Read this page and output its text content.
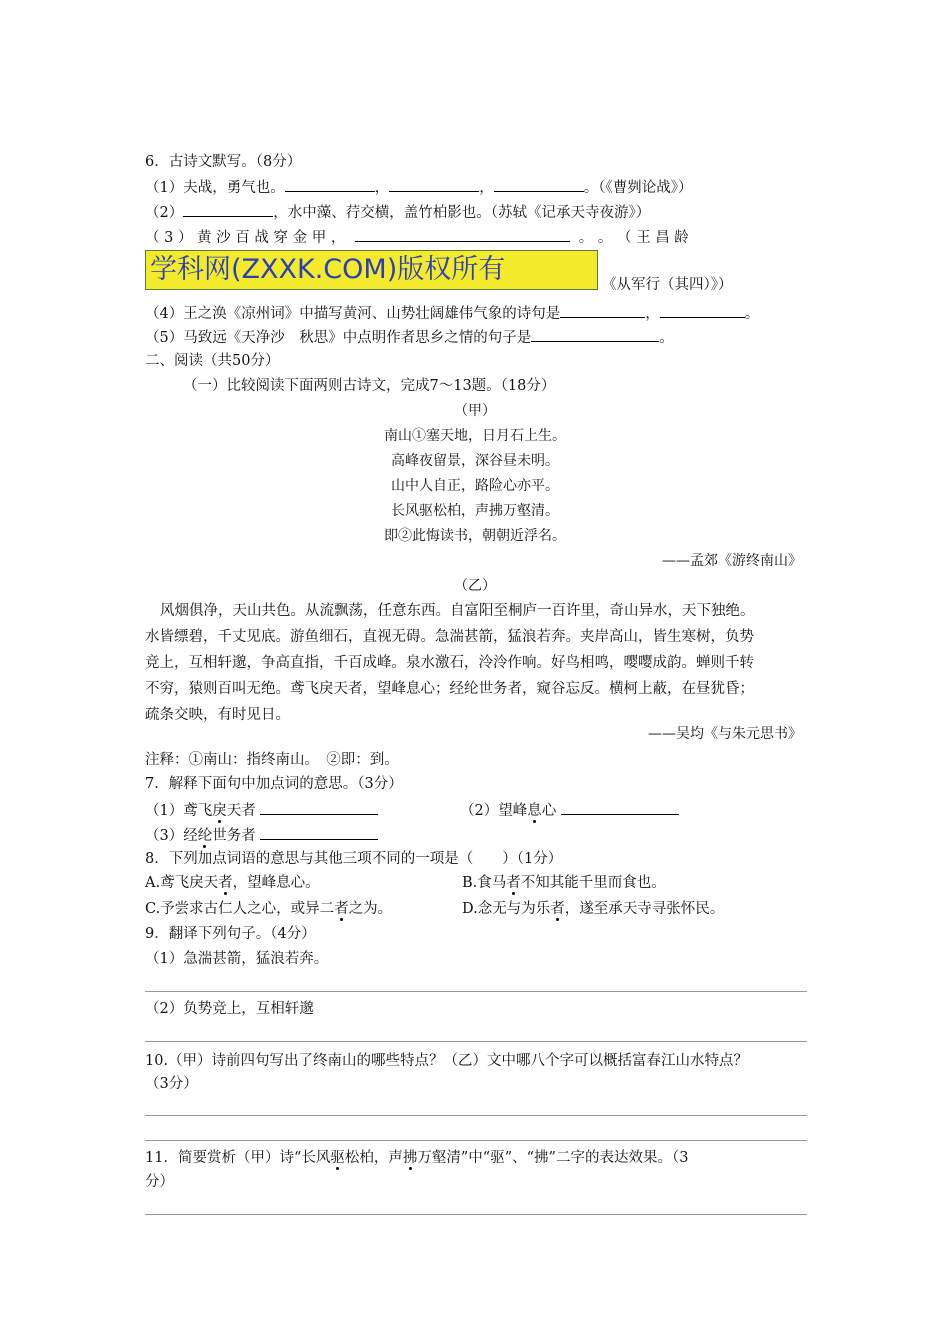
6．古诗文默写。（8分）
（1）夫战，勇气也。	，	，	。（《曹刿论战》）
（2）	，水中藻、荇交横，盖竹柏影也。（苏轼《记承天寺夜游》）
（ 3 ） 黄 沙 百 战 穿 金 甲 ，	。 。 （ 王 昌 龄
学科网(ZXXK.COM)版权所有	《从军行（其四）》）
（4）王之涣《凉州词》中描写黄河、山势壮阔雄伟气象的诗句是	，	。
（5）马致远《天净沙　秋思》中点明作者思乡之情的句子是	。
二、阅读（共50分）
（一）比较阅读下面两则古诗文，完成7～13题。（18分）
（甲）
南山①塞天地，日月石上生。
高峰夜留景，深谷昼未明。
山中人自正，路险心亦平。
长风驱松柏，声拂万壑清。
即②此悔读书，朝朝近浮名。
——孟郊《游终南山》
（乙）
风烟俱净，天山共色。从流飘荡，任意东西。自富阳至桐庐一百许里，奇山异水，天下独绝。
水皆缥碧，千丈见底。游鱼细石，直视无碍。急湍甚箭，猛浪若奔。夹岸高山，皆生寒树，负势
竞上，互相轩邈，争高直指，千百成峰。泉水激石，泠泠作响。好鸟相鸣，嘤嘤成韵。蝉则千转
不穷，猿则百叫无绝。鸢飞戾天者，望峰息心；经纶世务者，窥谷忘反。横柯上蔽，在昼犹昏；
疏条交映，有时见日。
——吴均《与朱元思书》
注释：①南山：指终南山。　②即：到。
7．解释下面句中加点词的意思。（3分）
（1）鸢飞戾天者	（2）望峰息心
（3）经纶世务者
8．下列加点词语的意思与其他三项不同的一项是（　　）（1分）
A.鸢飞戾天者，望峰息心。	B.食马者不知其能千里而食也。
C.予尝求古仁人之心，或异二者之为。	D.念无与为乐者，遂至承天寺寻张怀民。
9．翻译下列句子。（4分）
（1）急湍甚箭，猛浪若奔。
（2）负势竞上，互相轩邈
10.（甲）诗前四句写出了终南山的哪些特点？（乙）文中哪八个字可以概括富春江山水特点？
（3分）
11．简要赏析（甲）诗“长风驱松柏，声拂万壑清”中“驱”、“拂”二字的表达效果。（3
分）
